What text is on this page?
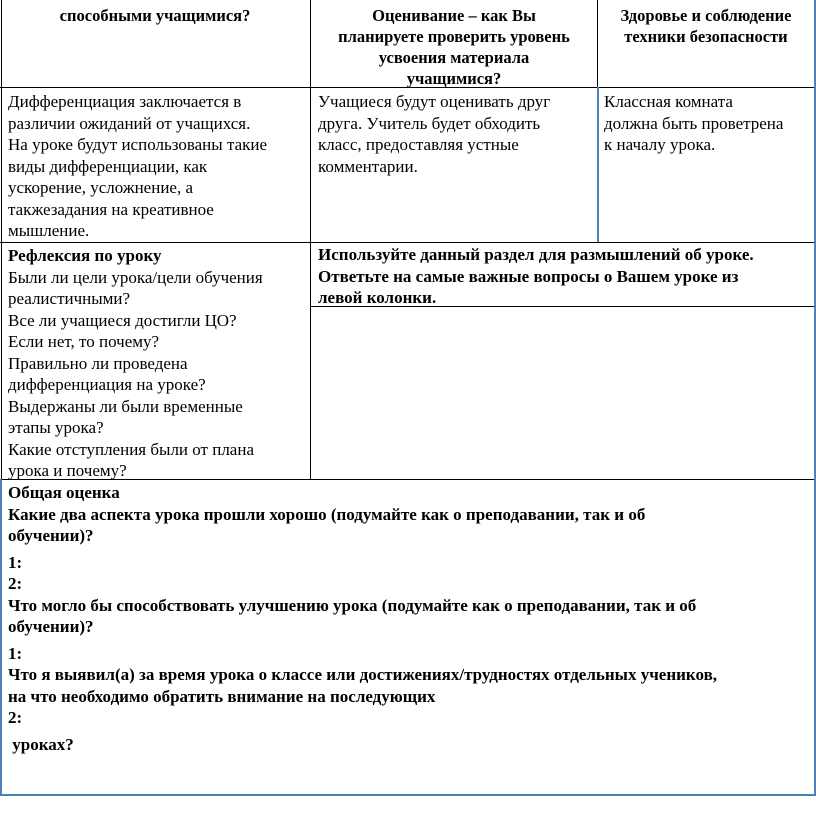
способными учащимися?	Оценивание – как Вы
планируете проверить уровень
усвоения материала
учащимися?
Здоровье и соблюдение
техники безопасности
Дифференциация заключается в
различии ожиданий от учащихся.
На уроке будут использованы такие
виды дифференциации, как
ускорение, усложнение, а
такжезадания на креативное
мышление.
Учащиеся будут оценивать друг
друга. Учитель будет обходить
класс, предоставляя устные
комментарии.
Классная комната
должна быть проветрена
к началу урока.
Рефлексия по уроку
Были ли цели урока/цели обучения
реалистичными?
Все ли учащиеся достигли ЦО?
Если нет, то почему?
Правильно ли проведена
дифференциация на уроке?
Выдержаны ли были временные
этапы урока?
Какие отступления были от плана
урока и почему?
Используйте данный раздел для размышлений об уроке.
Ответьте на самые важные вопросы о Вашем уроке из
левой колонки.
Общая оценка
Какие два аспекта урока прошли хорошо (подумайте как о преподавании, так и об
обучении)?
1:
2:
Что могло бы способствовать улучшению урока (подумайте как о преподавании, так и об
обучении)?
1:
Что я выявил(а) за время урока о классе или достижениях/трудностях отдельных учеников,
на что необходимо обратить внимание на последующих
2:
уроках?
